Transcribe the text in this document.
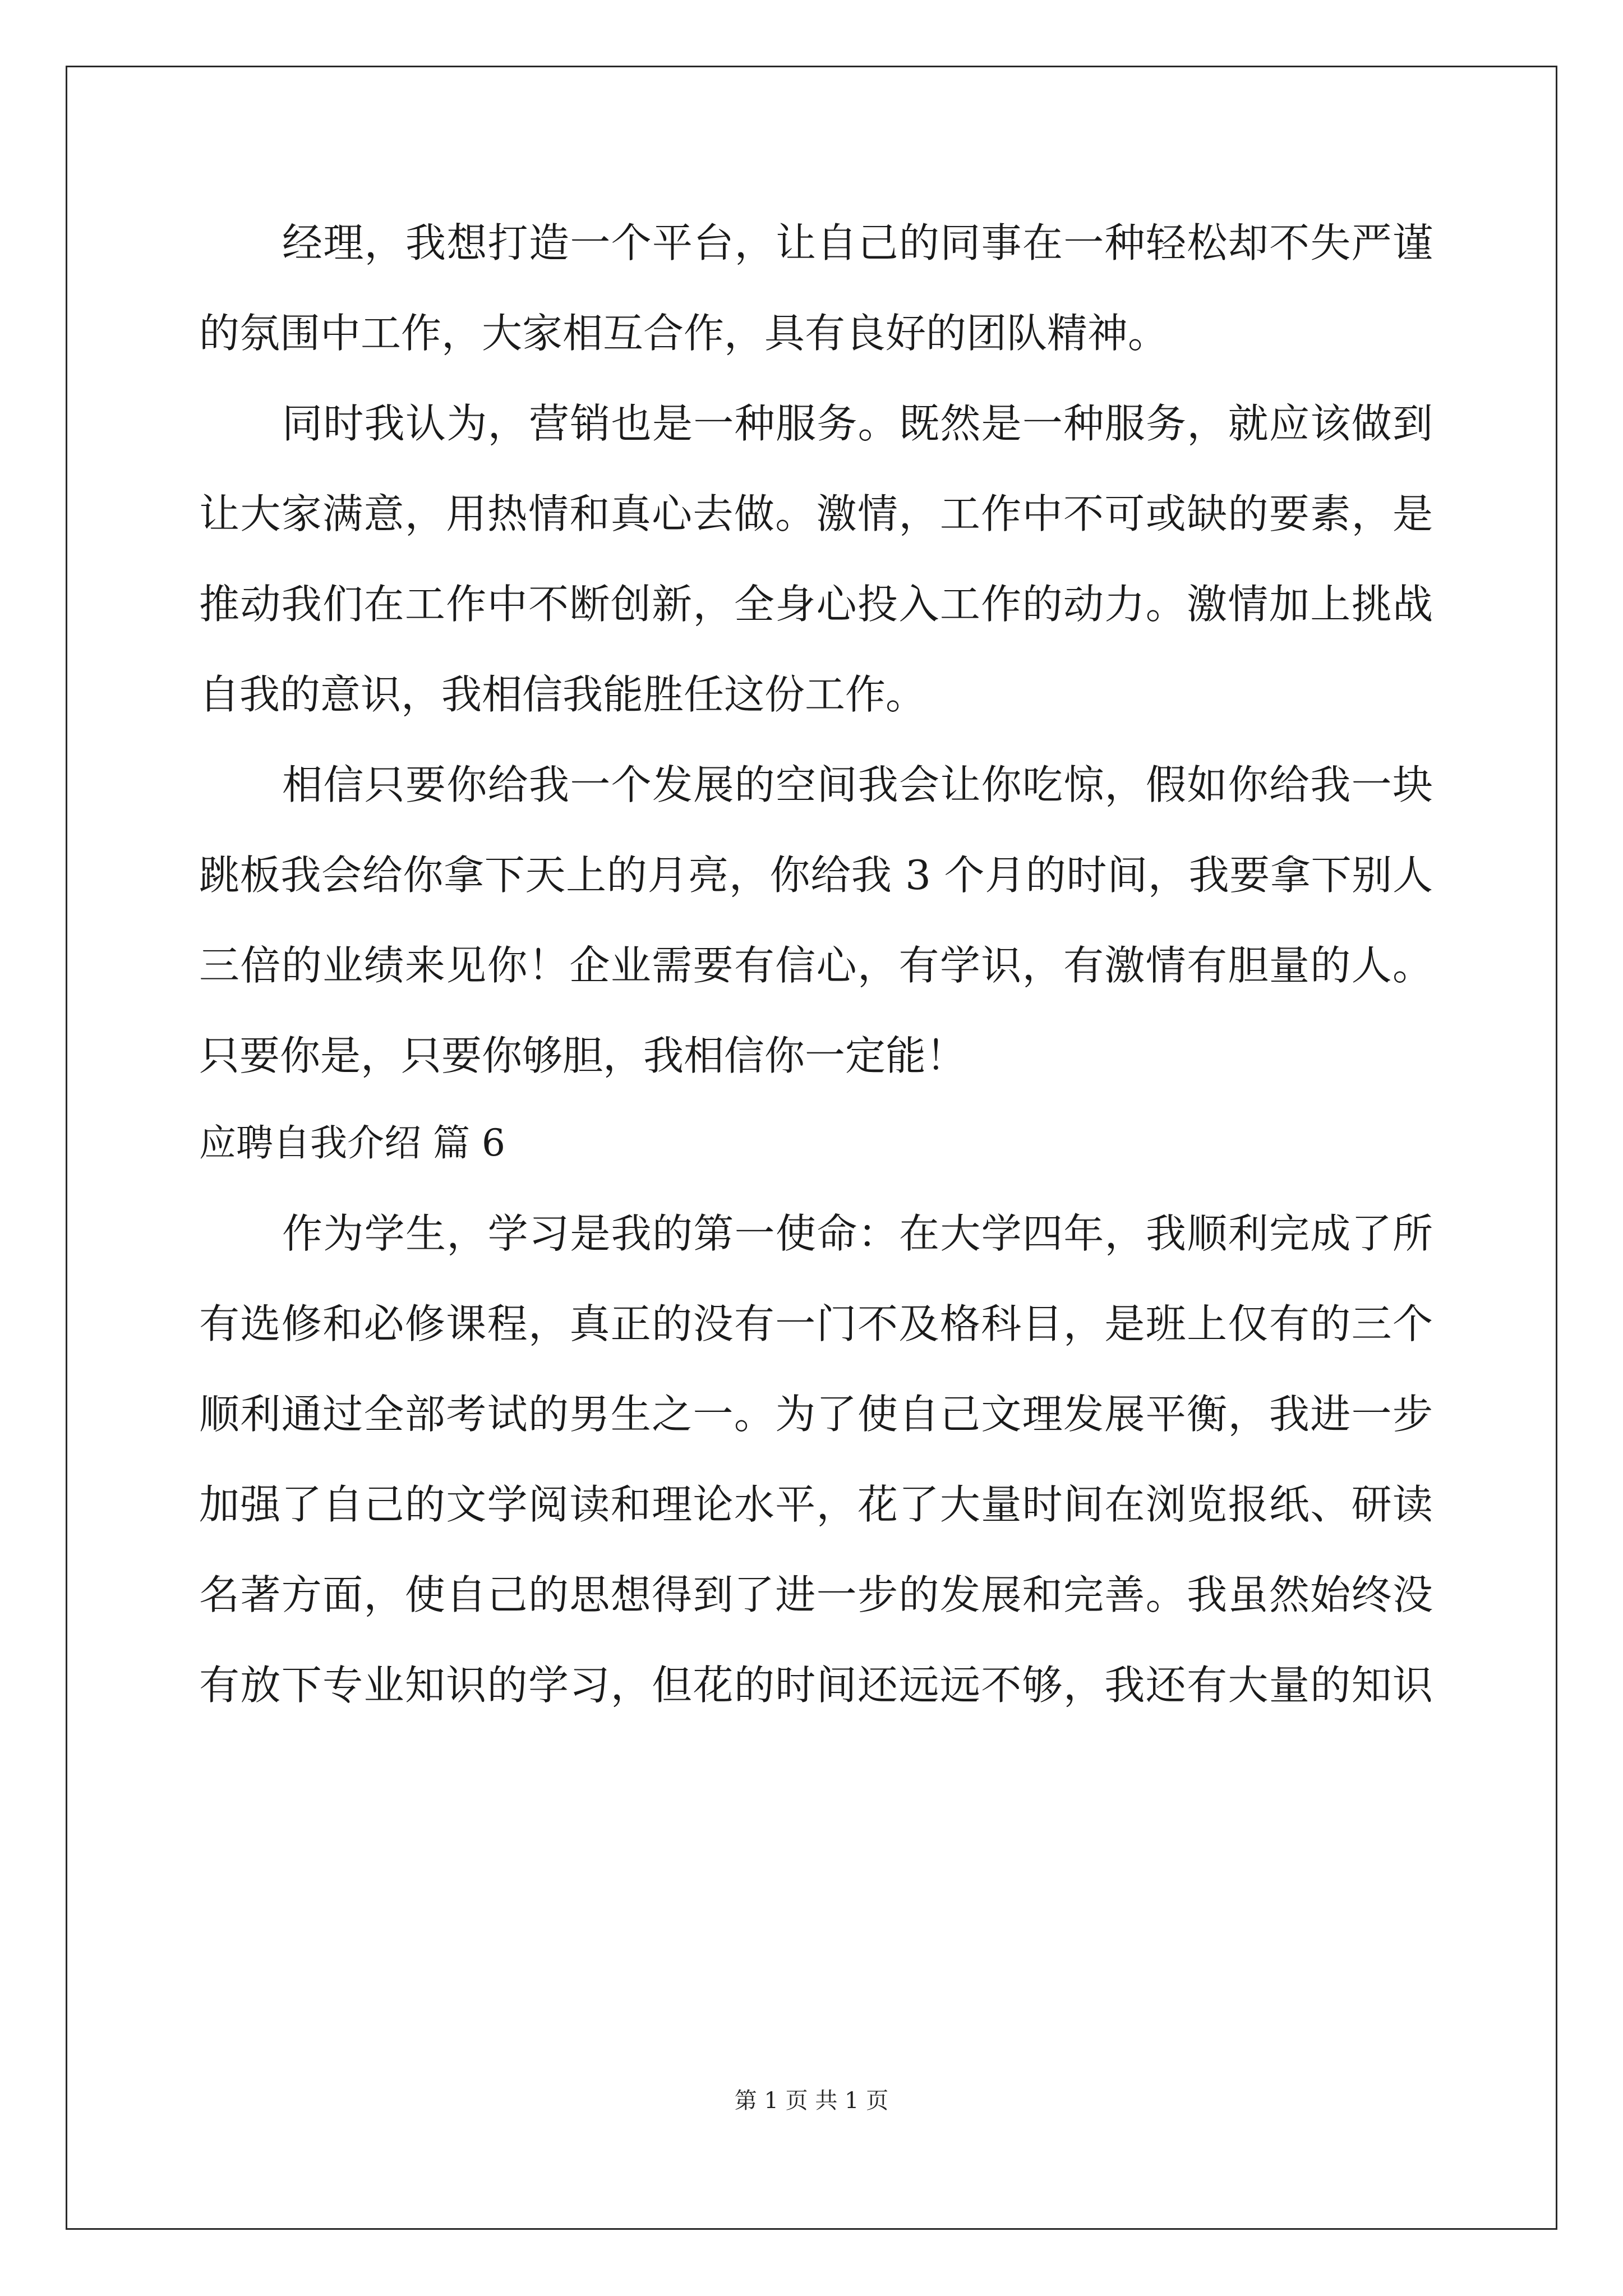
经理，我想打造一个平台，让自己的同事在一种轻松却不失严谨
的氛围中工作，大家相互合作，具有良好的团队精神。
同时我认为，营销也是一种服务。既然是一种服务，就应该做到
让大家满意，用热情和真心去做。激情，工作中不可或缺的要素，是
推动我们在工作中不断创新，全身心投入工作的动力。激情加上挑战
自我的意识，我相信我能胜任这份工作。
相信只要你给我一个发展的空间我会让你吃惊，假如你给我一块
跳板我会给你拿下天上的月亮，你给我 3 个月的时间，我要拿下别人
三倍的业绩来见你！企业需要有信心，有学识，有激情有胆量的人。
只要你是，只要你够胆，我相信你一定能！
应聘自我介绍 篇 6
作为学生，学习是我的第一使命：在大学四年，我顺利完成了所
有选修和必修课程，真正的没有一门不及格科目，是班上仅有的三个
顺利通过全部考试的男生之一。为了使自己文理发展平衡，我进一步
加强了自己的文学阅读和理论水平，花了大量时间在浏览报纸、研读
名著方面，使自己的思想得到了进一步的发展和完善。我虽然始终没
有放下专业知识的学习，但花的时间还远远不够，我还有大量的知识
第 1 页 共 1 页
